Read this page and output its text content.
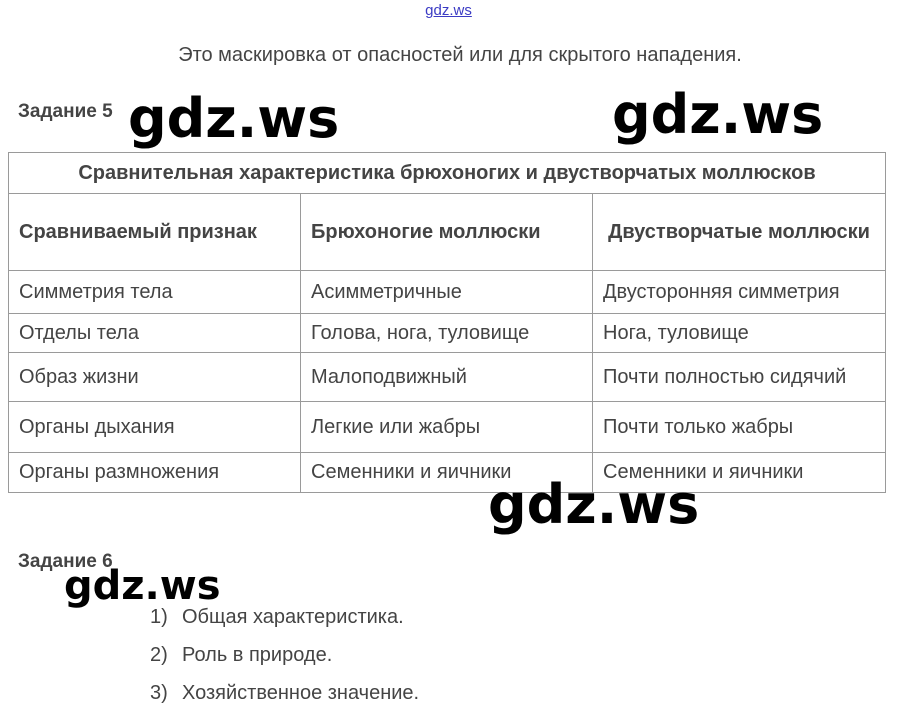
gdz.ws
Это маскировка от опасностей или для скрытого нападения.
Задание 5
Сравнительная характеристика брюхоногих и двустворчатых моллюсков		
Сравниваемый признак	Брюхоногие моллюски	Двустворчатые моллюски
Симметрия тела	Асимметричные	Двусторонняя симметрия
Отделы тела	Голова, нога, туловище	Нога, туловище
Образ жизни	Малоподвижный	Почти полностью сидячий
Органы дыхания	Легкие или жабры	Почти только жабры
Органы размножения	Семенники и яичники	Семенники и яичники
Задание 6
1) Общая характеристика.
2) Роль в природе.
3) Хозяйственное значение.
gdz.ws	gdz.ws
gdz.ws
gdz.ws
